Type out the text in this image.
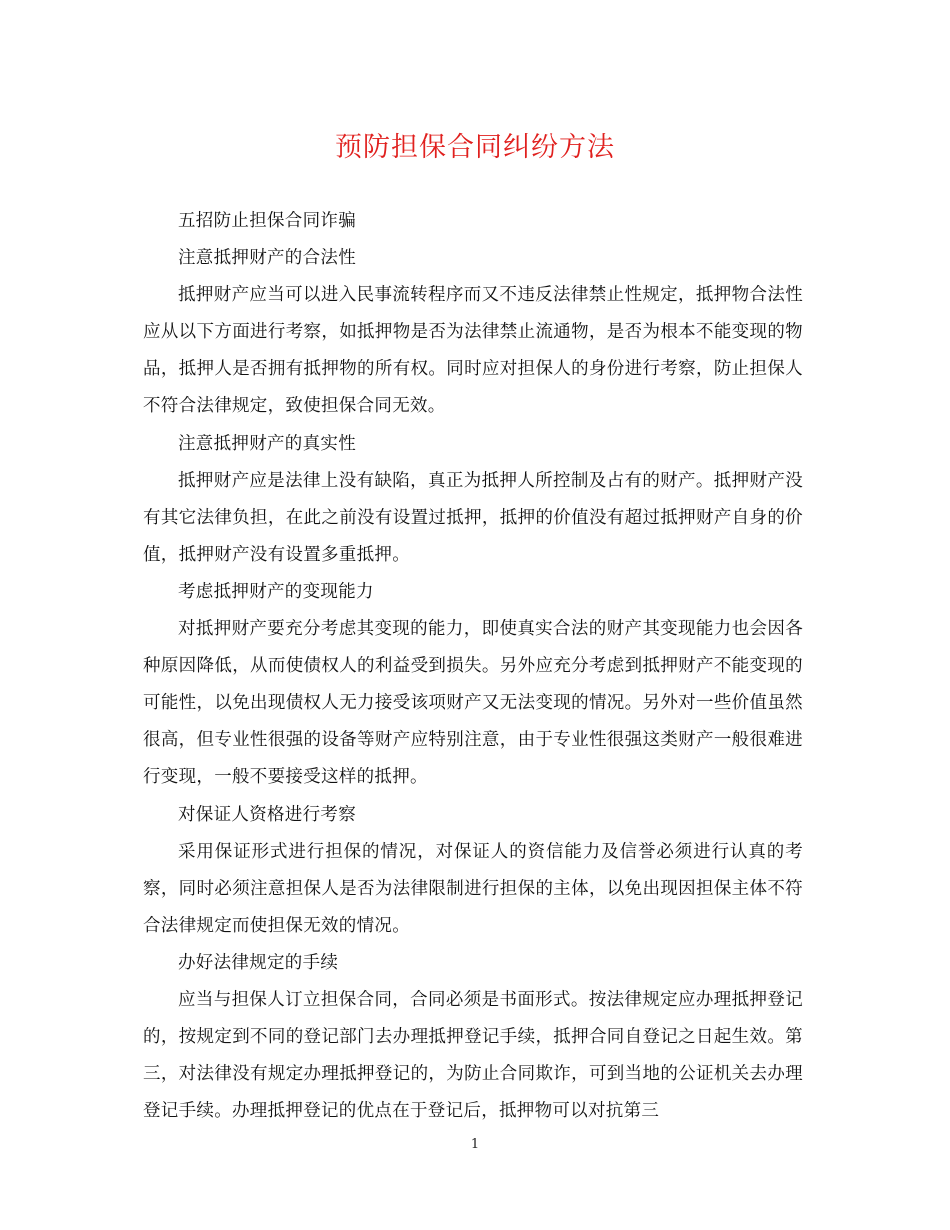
预防担保合同纠纷方法

五招防止担保合同诈骗

注意抵押财产的合法性

抵押财产应当可以进入民事流转程序而又不违反法律禁止性规定，抵押物合法性应从以下方面进行考察，如抵押物是否为法律禁止流通物，是否为根本不能变现的物品，抵押人是否拥有抵押物的所有权。同时应对担保人的身份进行考察，防止担保人不符合法律规定，致使担保合同无效。

注意抵押财产的真实性

抵押财产应是法律上没有缺陷，真正为抵押人所控制及占有的财产。抵押财产没有其它法律负担，在此之前没有设置过抵押，抵押的价值没有超过抵押财产自身的价值，抵押财产没有设置多重抵押。

考虑抵押财产的变现能力

对抵押财产要充分考虑其变现的能力，即使真实合法的财产其变现能力也会因各种原因降低，从而使债权人的利益受到损失。另外应充分考虑到抵押财产不能变现的可能性，以免出现债权人无力接受该项财产又无法变现的情况。另外对一些价值虽然很高，但专业性很强的设备等财产应特别注意，由于专业性很强这类财产一般很难进行变现，一般不要接受这样的抵押。

对保证人资格进行考察

采用保证形式进行担保的情况，对保证人的资信能力及信誉必须进行认真的考察，同时必须注意担保人是否为法律限制进行担保的主体，以免出现因担保主体不符合法律规定而使担保无效的情况。

办好法律规定的手续

应当与担保人订立担保合同，合同必须是书面形式。按法律规定应办理抵押登记的，按规定到不同的登记部门去办理抵押登记手续，抵押合同自登记之日起生效。第三，对法律没有规定办理抵押登记的，为防止合同欺诈，可到当地的公证机关去办理登记手续。办理抵押登记的优点在于登记后，抵押物可以对抗第三

1
